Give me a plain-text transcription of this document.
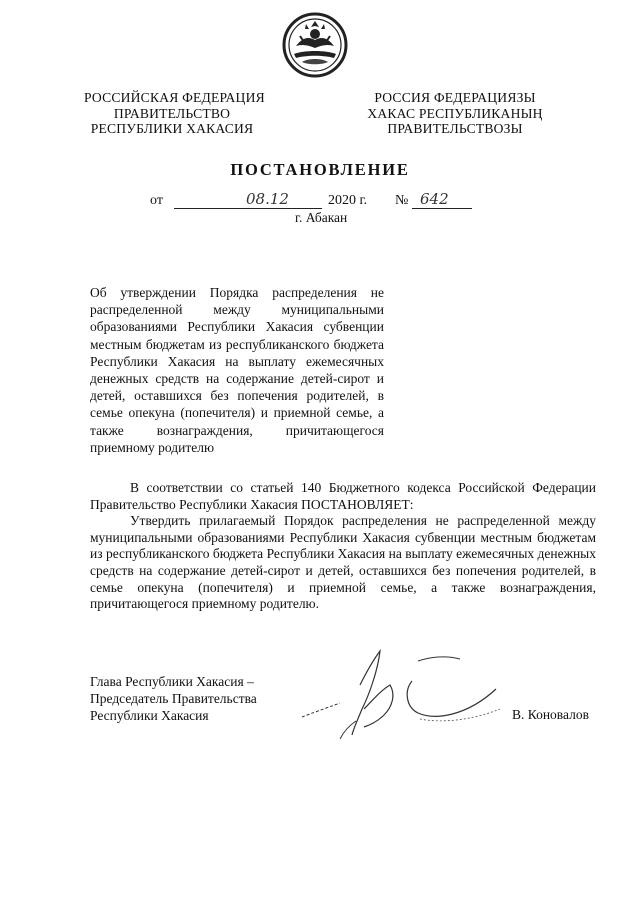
РОССИЙСКАЯ ФЕДЕРАЦИЯ
ПРАВИТЕЛЬСТВО
РЕСПУБЛИКИ ХАКАСИЯ
РОССИЯ ФЕДЕРАЦИЯЗЫ
ХАКАС РЕСПУБЛИКАНЫҢ
ПРАВИТЕЛЬСТВОЗЫ
ПОСТАНОВЛЕНИЕ
от	08.12	2020 г. № 642
г. Абакан
Об утверждении Порядка распределения не распределенной между муниципальными образованиями Республики Хакасия субвенции местным бюджетам из республиканского бюджета Республики Хакасия на выплату ежемесячных денежных средств на содержание детей-сирот и детей, оставшихся без попечения родителей, в семье опекуна (попечителя) и приемной семье, а также вознаграждения, причитающегося приемному родителю

В соответствии со статьей 140 Бюджетного кодекса Российской Федерации Правительство Республики Хакасия ПОСТАНОВЛЯЕТ:

Утвердить прилагаемый Порядок распределения не распределенной между муниципальными образованиями Республики Хакасия субвенции местным бюджетам из республиканского бюджета Республики Хакасия на выплату ежемесячных денежных средств на содержание детей-сирот и детей, оставшихся без попечения родителей, в семье опекуна (попечителя) и приемной семье, а также вознаграждения, причитающегося приемному родителю.

Глава Республики Хакасия –
Председатель Правительства
Республики Хакасия	В. Коновалов
